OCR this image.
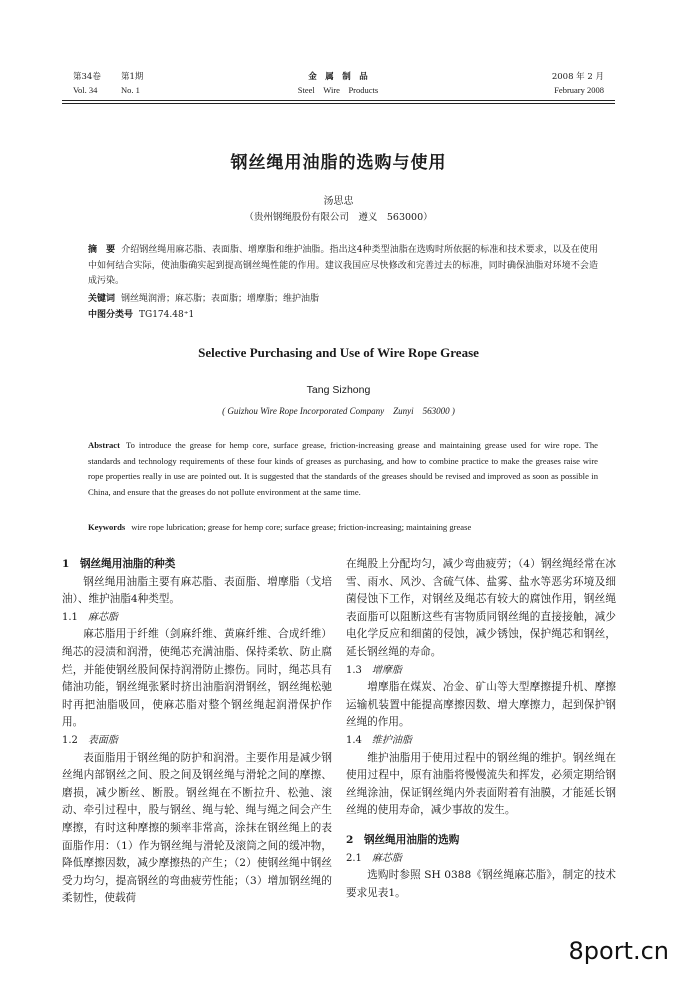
第34卷 第1期
Vol. 34	No. 1
金　属　制　品
Steel　Wire　Products
2008 年 2 月
February 2008
钢丝绳用油脂的选购与使用
汤思忠
（贵州钢绳股份有限公司　遵义　563000）
摘　要 介绍钢丝绳用麻芯脂、表面脂、增摩脂和维护油脂。指出这4种类型油脂在选购时所依据的标准和技术要求，以及在使用中如何结合实际，使油脂确实起到提高钢丝绳性能的作用。建议我国应尽快修改和完善过去的标准，同时确保油脂对环境不会造成污染。
关键词 钢丝绳润滑；麻芯脂；表面脂；增摩脂；维护油脂
中图分类号 TG174.48⁺1
Selective Purchasing and Use of Wire Rope Grease
Tang Sizhong
( Guizhou Wire Rope Incorporated Company　Zunyi　563000 )
Abstract To introduce the grease for hemp core, surface grease, friction-increasing grease and maintaining grease used for wire rope. The standards and technology requirements of these four kinds of greases as purchasing, and how to combine practice to make the greases raise wire rope properties really in use are pointed out. It is suggested that the standards of the greases should be revised and improved as soon as possible in China, and ensure that the greases do not pollute environment at the same time.
Keywords wire rope lubrication; grease for hemp core; surface grease; friction-increasing; maintaining grease

1　钢丝绳用油脂的种类

钢丝绳用油脂主要有麻芯脂、表面脂、增摩脂（戈培油）、维护油脂4种类型。

1.1 麻芯脂

麻芯脂用于纤维（剑麻纤维、黄麻纤维、合成纤维）绳芯的浸渍和润滑，使绳芯充满油脂、保持柔软、防止腐烂，并能使钢丝股间保持润滑防止擦伤。同时，绳芯具有储油功能，钢丝绳张紧时挤出油脂润滑钢丝，钢丝绳松驰时再把油脂吸回，使麻芯脂对整个钢丝绳起润滑保护作用。

1.2 表面脂

表面脂用于钢丝绳的防护和润滑。主要作用是减少钢丝绳内部钢丝之间、股之间及钢丝绳与滑轮之间的摩擦、磨损，减少断丝、断股。钢丝绳在不断拉升、松弛、滚动、牵引过程中，股与钢丝、绳与轮、绳与绳之间会产生摩擦，有时这种摩擦的频率非常高，涂抹在钢丝绳上的表面脂作用：（1）作为钢丝绳与滑轮及滚筒之间的缓冲物，降低摩擦因数，减少摩擦热的产生；（2）使钢丝绳中钢丝受力均匀，提高钢丝的弯曲疲劳性能；（3）增加钢丝绳的柔韧性，使载荷

在绳股上分配均匀，减少弯曲疲劳；（4）钢丝绳经常在冰雪、雨水、风沙、含硫气体、盐雾、盐水等恶劣环境及细菌侵蚀下工作，对钢丝及绳芯有较大的腐蚀作用，钢丝绳表面脂可以阻断这些有害物质同钢丝绳的直接接触，减少电化学反应和细菌的侵蚀，减少锈蚀，保护绳芯和钢丝，延长钢丝绳的寿命。

1.3 增摩脂

增摩脂在煤炭、冶金、矿山等大型摩擦提升机、摩擦运输机装置中能提高摩擦因数、增大摩擦力，起到保护钢丝绳的作用。

1.4 维护油脂

维护油脂用于使用过程中的钢丝绳的维护。钢丝绳在使用过程中，原有油脂将慢慢流失和挥发，必须定期给钢丝绳涂油，保证钢丝绳内外表面附着有油膜，才能延长钢丝绳的使用寿命，减少事故的发生。

2　钢丝绳用油脂的选购

2.1 麻芯脂

选购时参照 SH 0388《钢丝绳麻芯脂》，制定的技术要求见表1。

8port.cn
